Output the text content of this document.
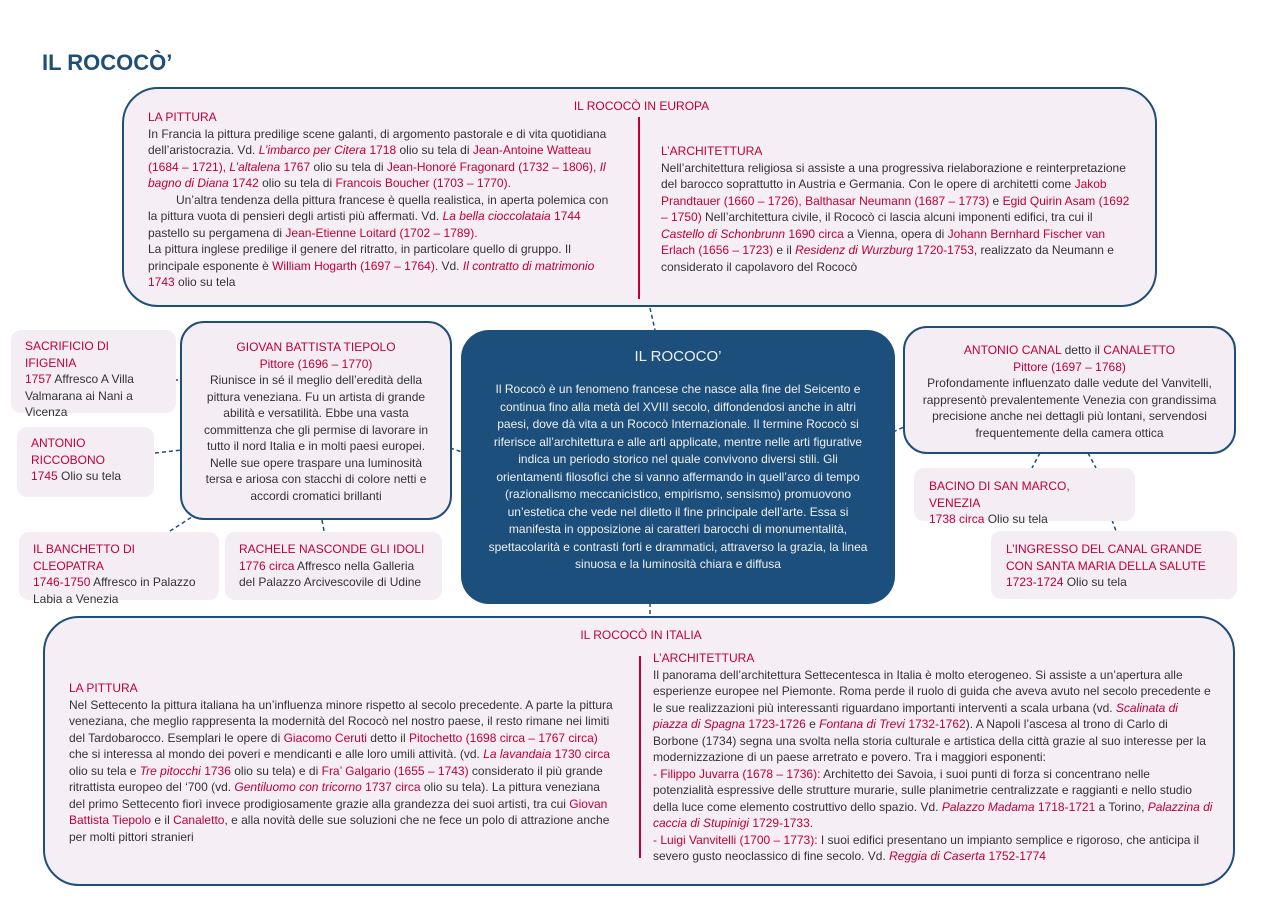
IL ROCOCÒ’
IL ROCOCÒ IN EUROPA

LA PITTURA

In Francia la pittura predilige scene galanti, di argomento pastorale e di vita quotidiana dell’aristocrazia. Vd. L’imbarco per Citera 1718 olio su tela di Jean-Antoine Watteau (1684 – 1721), L’altalena 1767 olio su tela di Jean-Honoré Fragonard (1732 – 1806), Il bagno di Diana 1742 olio su tela di Francois Boucher (1703 – 1770).

Un’altra tendenza della pittura francese è quella realistica, in aperta polemica con la pittura vuota di pensieri degli artisti più affermati. Vd. La bella cioccolataia 1744 pastello su pergamena di Jean-Etienne Loitard (1702 – 1789).

La pittura inglese predilige il genere del ritratto, in particolare quello di gruppo. Il principale esponente è William Hogarth (1697 – 1764). Vd. Il contratto di matrimonio 1743 olio su tela

L’ARCHITETTURA

Nell’architettura religiosa si assiste a una progressiva rielaborazione e reinterpretazione del barocco soprattutto in Austria e Germania. Con le opere di architetti come Jakob Prandtauer (1660 – 1726), Balthasar Neumann (1687 – 1773) e Egid Quirin Asam (1692 – 1750) Nell’architettura civile, il Rococò ci lascia alcuni imponenti edifici, tra cui il Castello di Schonbrunn 1690 circa a Vienna, opera di Johann Bernhard Fischer van Erlach (1656 – 1723) e il Residenz di Wurzburg 1720-1753, realizzato da Neumann e considerato il capolavoro del Rococò

SACRIFICIO DI IFIGENIA
1757 Affresco A Villa Valmarana ai Nani a Vicenza
ANTONIO RICCOBONO
1745 Olio su tela
IL BANCHETTO DI CLEOPATRA
1746-1750 Affresco in Palazzo Labia a Venezia
RACHELE NASCONDE GLI IDOLI
1776 circa Affresco nella Galleria del Palazzo Arcivescovile di Udine

GIOVAN BATTISTA TIEPOLO

Pittore (1696 – 1770)

Riunisce in sé il meglio dell’eredità della pittura veneziana. Fu un artista di grande abilità e versatilità. Ebbe una vasta committenza che gli permise di lavorare in tutto il nord Italia e in molti paesi europei. Nelle sue opere traspare una luminosità tersa e ariosa con stacchi di colore netti e accordi cromatici brillanti

IL ROCOCO’

Il Rococò è un fenomeno francese che nasce alla fine del Seicento e continua fino alla metà del XVIII secolo, diffondendosi anche in altri paesi, dove dà vita a un Rococò Internazionale. Il termine Rococò si riferisce all’architettura e alle arti applicate, mentre nelle arti figurative indica un periodo storico nel quale convivono diversi stili. Gli orientamenti filosofici che si vanno affermando in quell’arco di tempo (razionalismo meccanicistico, empirismo, sensismo) promuovono un’estetica che vede nel diletto il fine principale dell’arte. Essa si manifesta in opposizione ai caratteri barocchi di monumentalità, spettacolarità e contrasti forti e drammatici, attraverso la grazia, la linea sinuosa e la luminosità chiara e diffusa

ANTONIO CANAL detto il CANALETTO

Pittore (1697 – 1768)

Profondamente influenzato dalle vedute del Vanvitelli, rappresentò prevalentemente Venezia con grandissima precisione anche nei dettagli più lontani, servendosi frequentemente della camera ottica

BACINO DI SAN MARCO, VENEZIA
1738 circa Olio su tela
L’INGRESSO DEL CANAL GRANDE CON SANTA MARIA DELLA SALUTE
1723-1724 Olio su tela
IL ROCOCÒ IN ITALIA

LA PITTURA

Nel Settecento la pittura italiana ha un’influenza minore rispetto al secolo precedente. A parte la pittura veneziana, che meglio rappresenta la modernità del Rococò nel nostro paese, il resto rimane nei limiti del Tardobarocco. Esemplari le opere di Giacomo Ceruti detto il Pitochetto (1698 circa – 1767 circa) che si interessa al mondo dei poveri e mendicanti e alle loro umili attività. (vd. La lavandaia 1730 circa olio su tela e Tre pitocchi 1736 olio su tela) e di Fra’ Galgario (1655 – 1743) considerato il più grande ritrattista europeo del ‘700 (vd. Gentiluomo con tricorno 1737 circa olio su tela). La pittura veneziana del primo Settecento fiorì invece prodigiosamente grazie alla grandezza dei suoi artisti, tra cui Giovan Battista Tiepolo e il Canaletto, e alla novità delle sue soluzioni che ne fece un polo di attrazione anche per molti pittori stranieri

L’ARCHITETTURA

Il panorama dell’architettura Settecentesca in Italia è molto eterogeneo. Si assiste a un’apertura alle esperienze europee nel Piemonte. Roma perde il ruolo di guida che aveva avuto nel secolo precedente e le sue realizzazioni più interessanti riguardano importanti interventi a scala urbana (vd. Scalinata di piazza di Spagna 1723-1726 e Fontana di Trevi 1732-1762). A Napoli l’ascesa al trono di Carlo di Borbone (1734) segna una svolta nella storia culturale e artistica della città grazie al suo interesse per la modernizzazione di un paese arretrato e povero. Tra i maggiori esponenti:

- Filippo Juvarra (1678 – 1736): Architetto dei Savoia, i suoi punti di forza si concentrano nelle potenzialità espressive delle strutture murarie, sulle planimetrie centralizzate e raggianti e nello studio della luce come elemento costruttivo dello spazio. Vd. Palazzo Madama 1718-1721 a Torino, Palazzina di caccia di Stupinigi 1729-1733.

- Luigi Vanvitelli (1700 – 1773): I suoi edifici presentano un impianto semplice e rigoroso, che anticipa il severo gusto neoclassico di fine secolo. Vd. Reggia di Caserta 1752-1774
